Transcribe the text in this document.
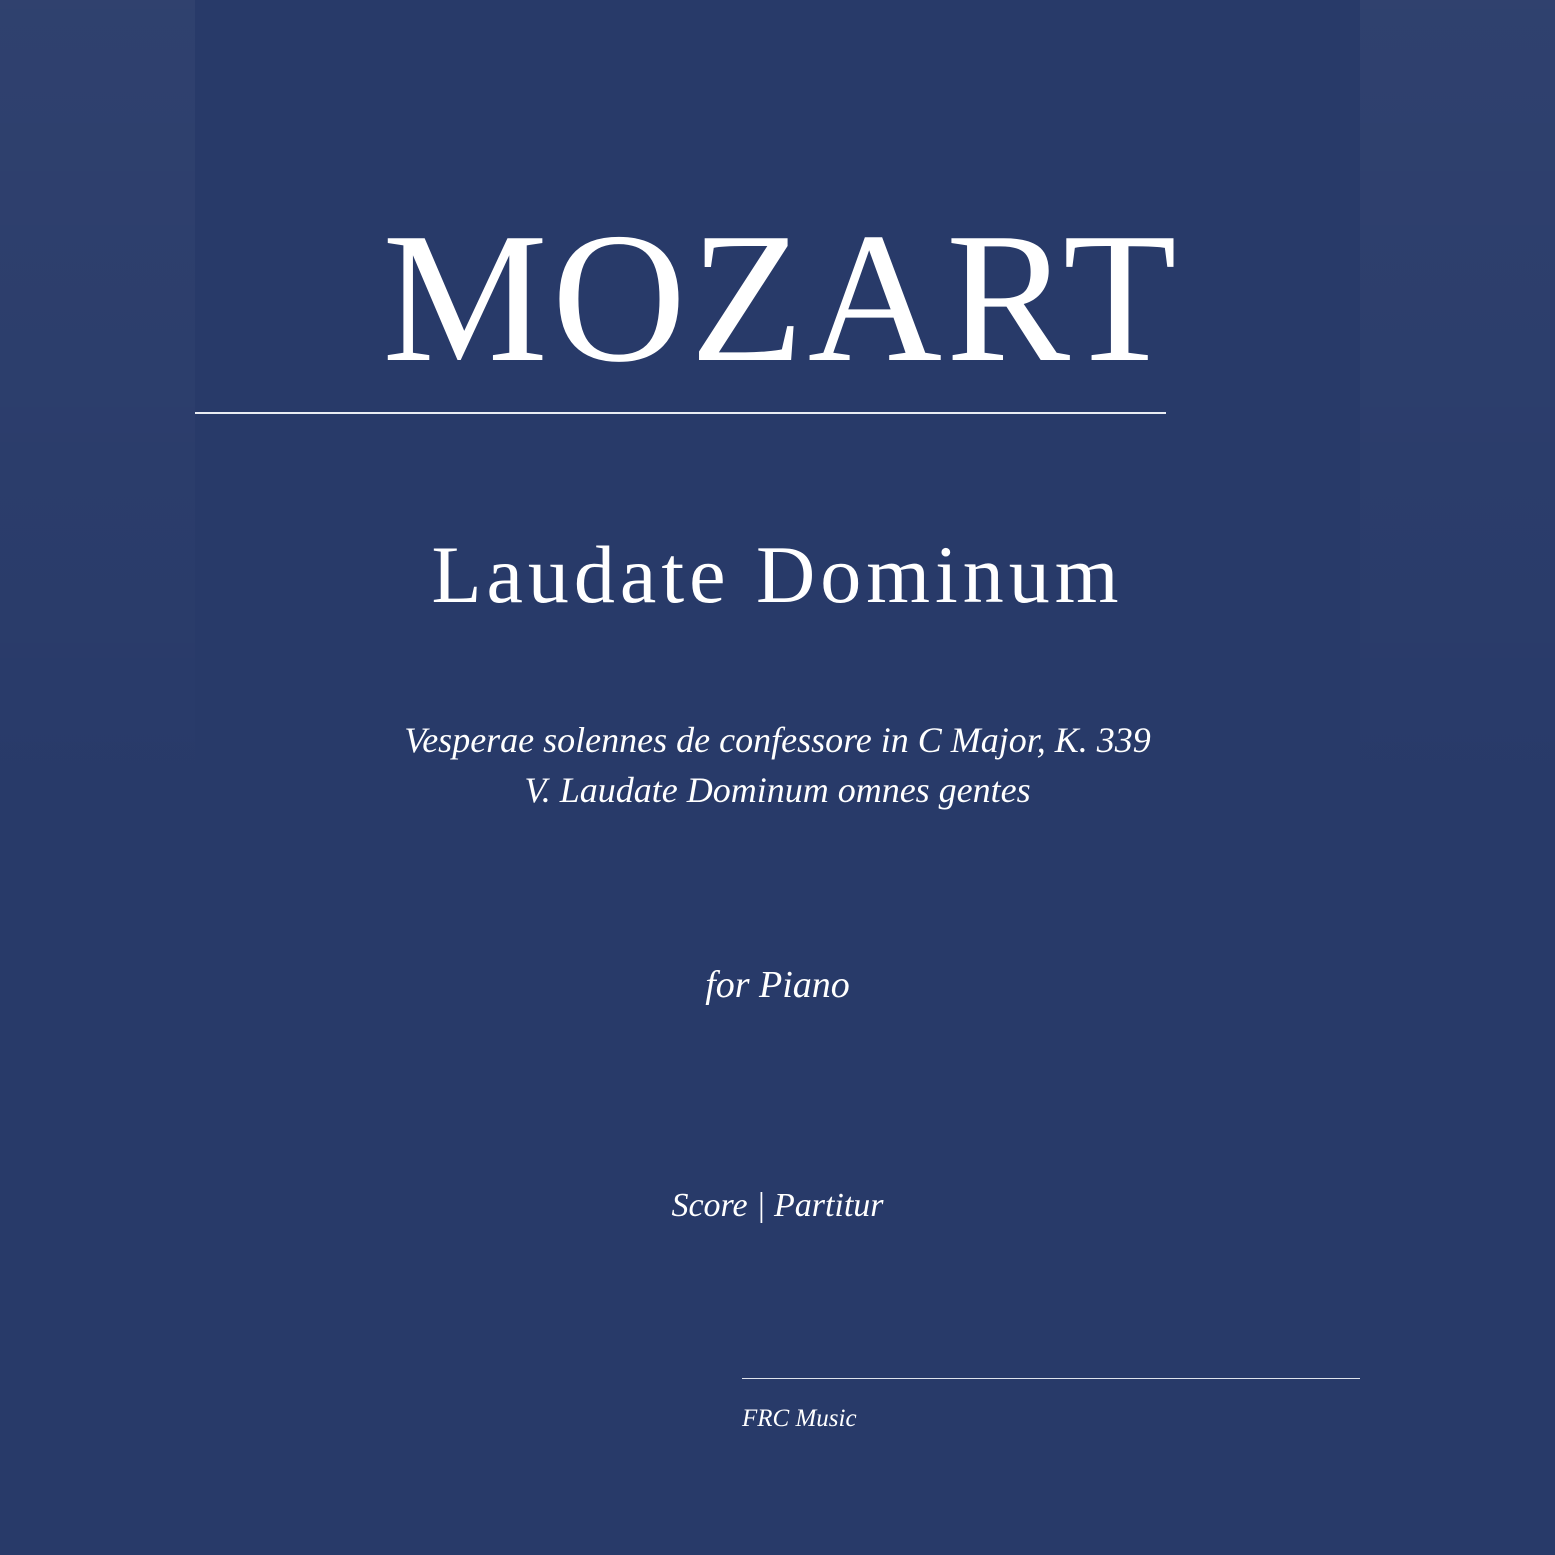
MOZART
Laudate Dominum
Vesperae solennes de confessore in C Major, K. 339
V. Laudate Dominum omnes gentes
for Piano
Score | Partitur
FRC Music
